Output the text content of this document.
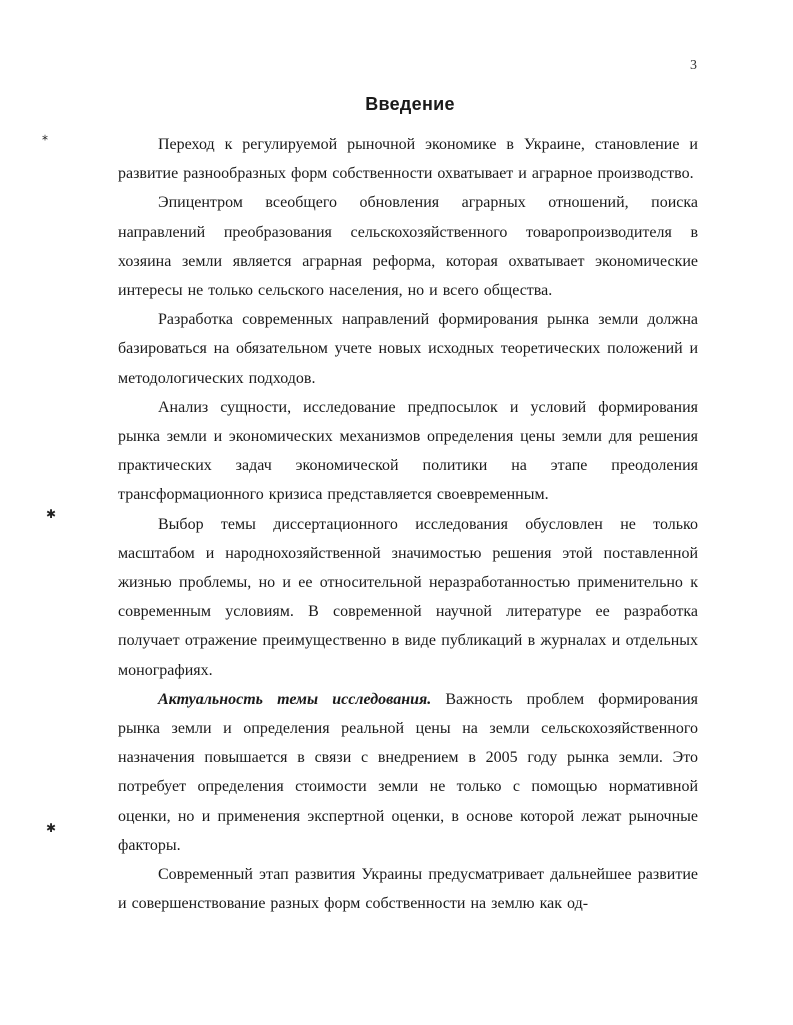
3
Введение
⁎
✱
✱

Переход к регулируемой рыночной экономике в Украине, становление и развитие разнообразных форм собственности охватывает и аграрное производство.

Эпицентром всеобщего обновления аграрных отношений, поиска направлений преобразования сельскохозяйственного товаропроизводителя в хозяина земли является аграрная реформа, которая охватывает экономические интересы не только сельского населения, но и всего общества.

Разработка современных направлений формирования рынка земли должна базироваться на обязательном учете новых исходных теоретических положений и методологических подходов.

Анализ сущности, исследование предпосылок и условий формирования рынка земли и экономических механизмов определения цены земли для решения практических задач экономической политики на этапе преодоления трансформационного кризиса представляется своевременным.

Выбор темы диссертационного исследования обусловлен не только масштабом и народнохозяйственной значимостью решения этой поставленной жизнью проблемы, но и ее относительной неразработанностью применительно к современным условиям. В современной научной литературе ее разработка получает отражение преимущественно в виде публикаций в журналах и отдельных монографиях.

Актуальность темы исследования. Важность проблем формирования рынка земли и определения реальной цены на земли сельскохозяйственного назначения повышается в связи с внедрением в 2005 году рынка земли. Это потребует определения стоимости земли не только с помощью нормативной оценки, но и применения экспертной оценки, в основе которой лежат рыночные факторы.

Современный этап развития Украины предусматривает дальнейшее развитие и совершенствование разных форм собственности на землю как од-
